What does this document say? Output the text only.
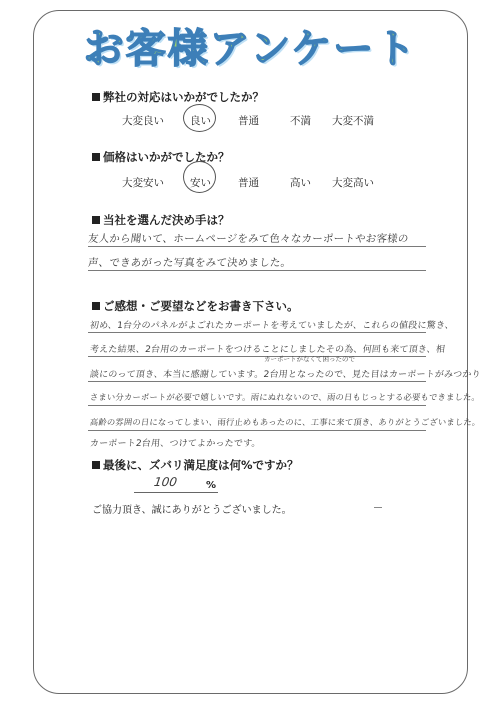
お客様アンケート
弊社の対応はいかがでしたか？
大変良い 良い	普通	不満 大変不満
価格はいかがでしたか？
大変安い 安い	普通	高い 大変高い
当社を選んだ決め手は？
友人から聞いて、ホームページをみて色々なカーポートやお客様の
声、できあがった写真をみて決めました。
ご感想・ご要望などをお書き下さい。
初め、1台分のパネルがよごれたカーポートを考えていましたが、これらの値段に驚き、
考えた結果、2台用のカーポートをつけることにしましたその為、何回も来て頂き、相
カーポートがなくて困ったので
談にのって頂き、本当に感謝しています。2台用となったので、見た目はカーポートがみつかり
さまい分カーポートが必要で嬉しいです。雨にぬれないので、雨の日もじっとする必要もできました。
高齢の雰囲の日になってしまい、雨行止めもあったのに、工事に来て頂き、ありがとうございました。
カーポート2台用、つけてよかったです。
最後に、ズバリ満足度は何%ですか？
100	%
ご協力頂き、誠にありがとうございました。
